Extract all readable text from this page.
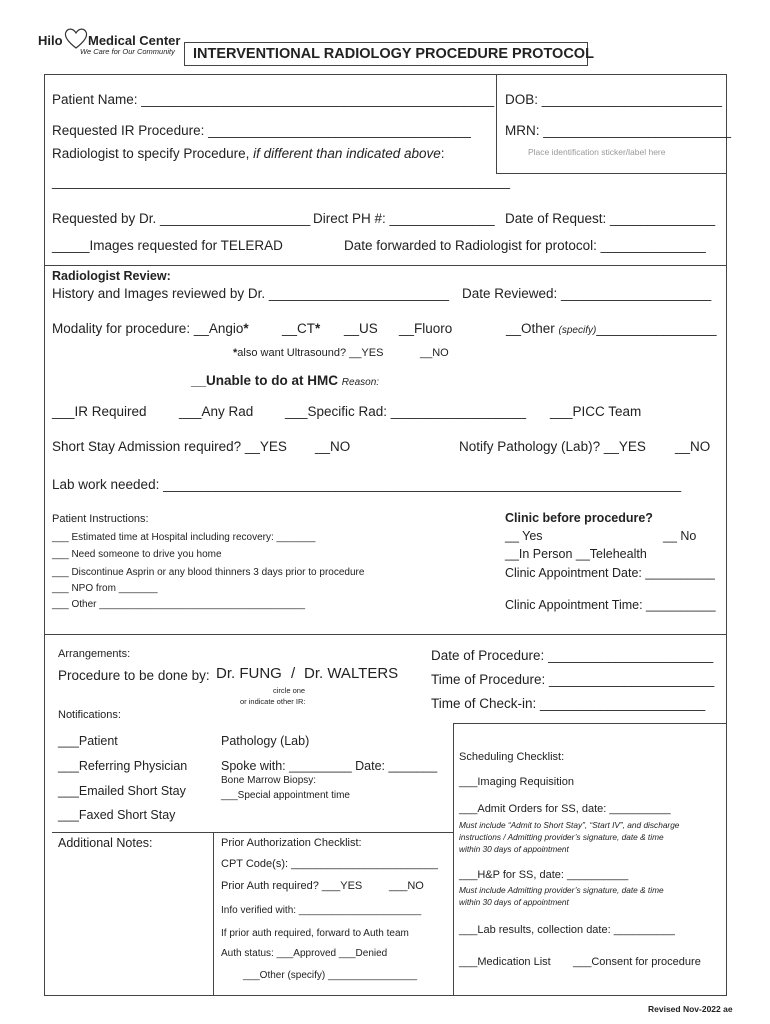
Hilo Medical Center
We Care for Our Community INTERVENTIONAL RADIOLOGY PROCEDURE PROTOCOL
Patient Name: _______________________________________________ DOB: ________________________
Requested IR Procedure: ___________________________________	MRN: _________________________
Radiologist to specify Procedure, if different than indicated above:	Place identification sticker/label here
_____________________________________________________________
Requested by Dr. ____________________ Direct PH #: ______________ Date of Request: ______________
_____Images requested for TELERAD	Date forwarded to Radiologist for protocol: ______________
Radiologist Review:
History and Images reviewed by Dr. ________________________ Date Reviewed: ____________________
Modality for procedure: __Angio* __CT* __US __Fluoro	__Other (specify)________________
*also want Ultrasound? __YES	__NO
__Unable to do at HMC Reason:
___IR Required ___Any Rad ___Specific Rad: __________________ ___PICC Team
Short Stay Admission required? __YES __NO	Notify Pathology (Lab)? __YES __NO
Lab work needed: _____________________________________________________________________
Patient Instructions:
___ Estimated time at Hospital including recovery: _______
___ Need someone to drive you home
___ Discontinue Asprin or any blood thinners 3 days prior to procedure
___ NPO from _______
___ Other _____________________________________
Clinic before procedure?
__ Yes	__ No
__In Person __Telehealth
Clinic Appointment Date: __________
Clinic Appointment Time: __________
Arrangements:
Procedure to be done by: Dr. FUNG / Dr. WALTERS
circle one
or indicate other IR:
Notifications:
Date of Procedure: ______________________
Time of Procedure: ______________________
Time of Check-in: ______________________
___Patient
___Referring Physician
___Emailed Short Stay
___Faxed Short Stay
Additional Notes:
Pathology (Lab)
Spoke with: _________ Date: _______
Bone Marrow Biopsy:
___Special appointment time
Prior Authorization Checklist:
CPT Code(s): ________________________
Prior Auth required? ___YES ___NO
Info verified with: ______________________
If prior auth required, forward to Auth team
Auth status: ___Approved ___Denied
___Other (specify) ________________
Scheduling Checklist:
___Imaging Requisition
___Admit Orders for SS, date: __________
Must include “Admit to Short Stay”, “Start IV”, and discharge
instructions / Admitting provider’s signature, date & time
within 30 days of appointment
___H&P for SS, date: __________
Must include Admitting provider’s signature, date & time
within 30 days of appointment
___Lab results, collection date: __________
___Medication List ___Consent for procedure
Revised Nov-2022 ae
